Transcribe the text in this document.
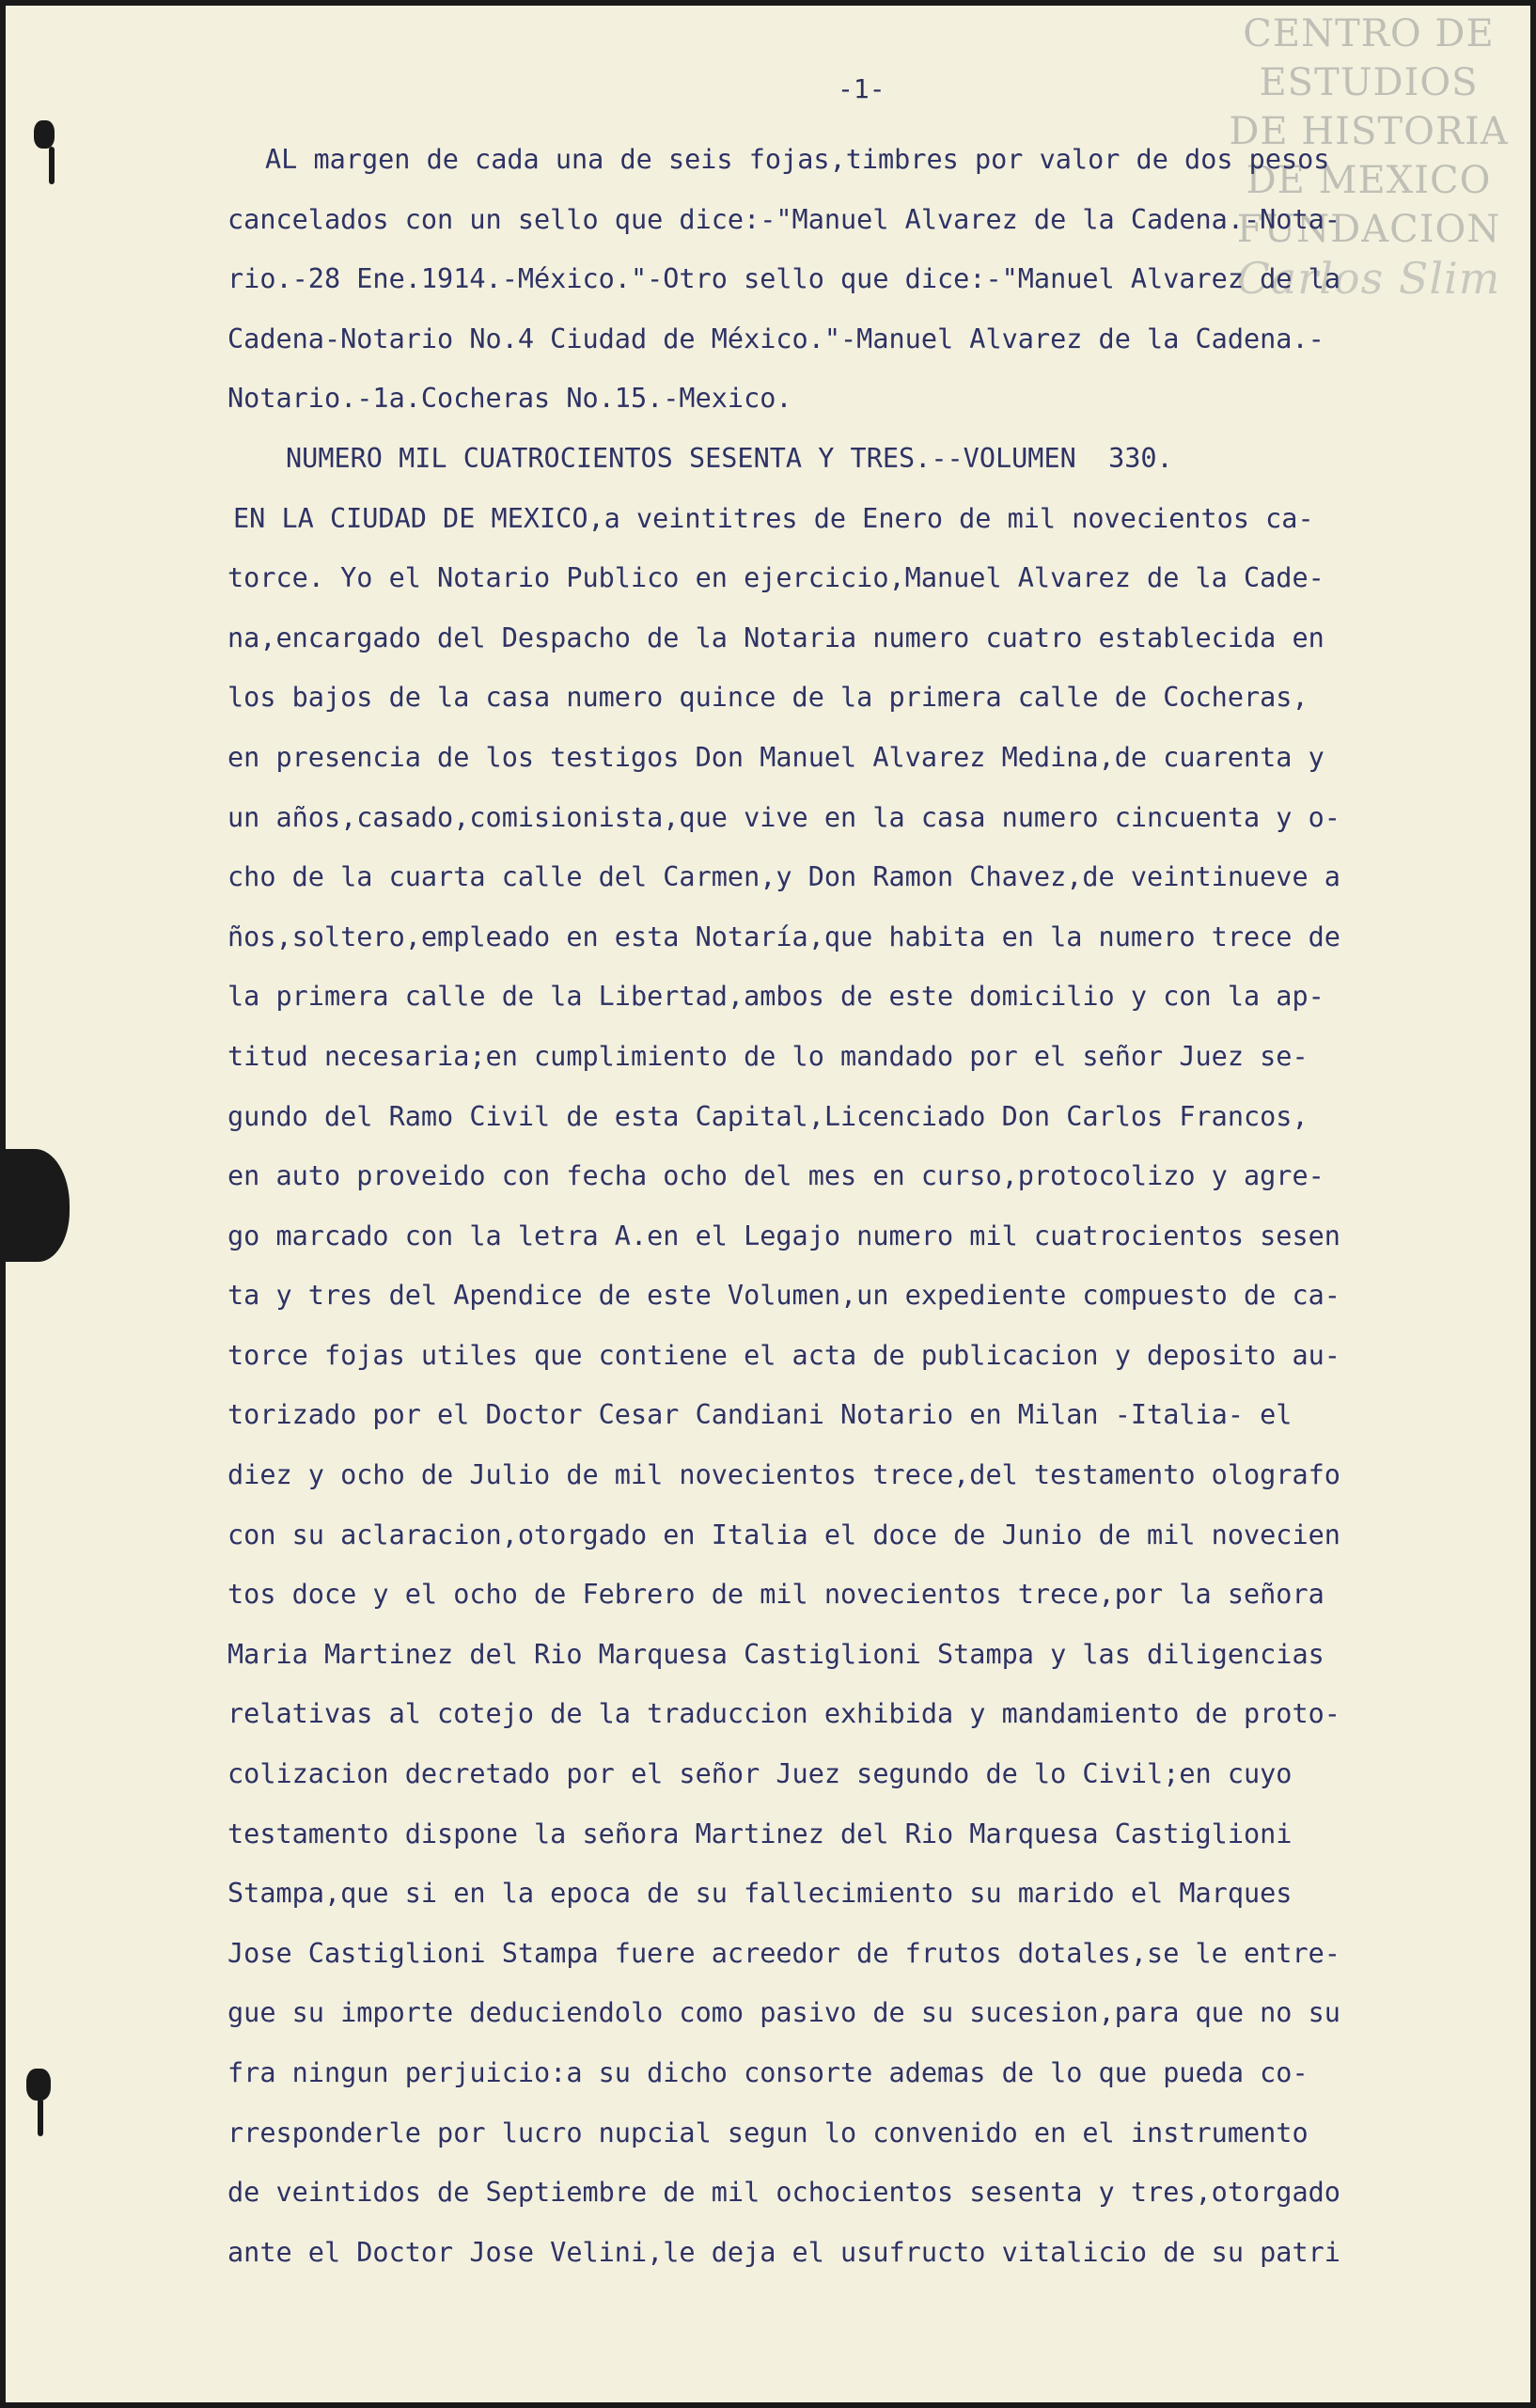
CENTRO DE
ESTUDIOS
DE HISTORIA
DE MEXICO
FUNDACION
Carlos Slim
-1-
AL margen de cada una de seis fojas,timbres por valor de dos pesos
cancelados con un sello que dice:-"Manuel Alvarez de la Cadena.-Nota-
rio.-28 Ene.1914.-México."-Otro sello que dice:-"Manuel Alvarez de la
Cadena-Notario No.4 Ciudad de México."-Manuel Alvarez de la Cadena.-
Notario.-1a.Cocheras No.15.-Mexico.
NUMERO MIL CUATROCIENTOS SESENTA Y TRES.--VOLUMEN  330.
EN LA CIUDAD DE MEXICO,a veintitres de Enero de mil novecientos ca-
torce. Yo el Notario Publico en ejercicio,Manuel Alvarez de la Cade-
na,encargado del Despacho de la Notaria numero cuatro establecida en
los bajos de la casa numero quince de la primera calle de Cocheras,
en presencia de los testigos Don Manuel Alvarez Medina,de cuarenta y
un años,casado,comisionista,que vive en la casa numero cincuenta y o-
cho de la cuarta calle del Carmen,y Don Ramon Chavez,de veintinueve a
ños,soltero,empleado en esta Notaría,que habita en la numero trece de
la primera calle de la Libertad,ambos de este domicilio y con la ap-
titud necesaria;en cumplimiento de lo mandado por el señor Juez se-
gundo del Ramo Civil de esta Capital,Licenciado Don Carlos Francos,
en auto proveido con fecha ocho del mes en curso,protocolizo y agre-
go marcado con la letra A.en el Legajo numero mil cuatrocientos sesen
ta y tres del Apendice de este Volumen,un expediente compuesto de ca-
torce fojas utiles que contiene el acta de publicacion y deposito au-
torizado por el Doctor Cesar Candiani Notario en Milan -Italia- el
diez y ocho de Julio de mil novecientos trece,del testamento olografo
con su aclaracion,otorgado en Italia el doce de Junio de mil novecien
tos doce y el ocho de Febrero de mil novecientos trece,por la señora
Maria Martinez del Rio Marquesa Castiglioni Stampa y las diligencias
relativas al cotejo de la traduccion exhibida y mandamiento de proto-
colizacion decretado por el señor Juez segundo de lo Civil;en cuyo
testamento dispone la señora Martinez del Rio Marquesa Castiglioni
Stampa,que si en la epoca de su fallecimiento su marido el Marques
Jose Castiglioni Stampa fuere acreedor de frutos dotales,se le entre-
gue su importe deduciendolo como pasivo de su sucesion,para que no su
fra ningun perjuicio:a su dicho consorte ademas de lo que pueda co-
rresponderle por lucro nupcial segun lo convenido en el instrumento
de veintidos de Septiembre de mil ochocientos sesenta y tres,otorgado
ante el Doctor Jose Velini,le deja el usufructo vitalicio de su patri
